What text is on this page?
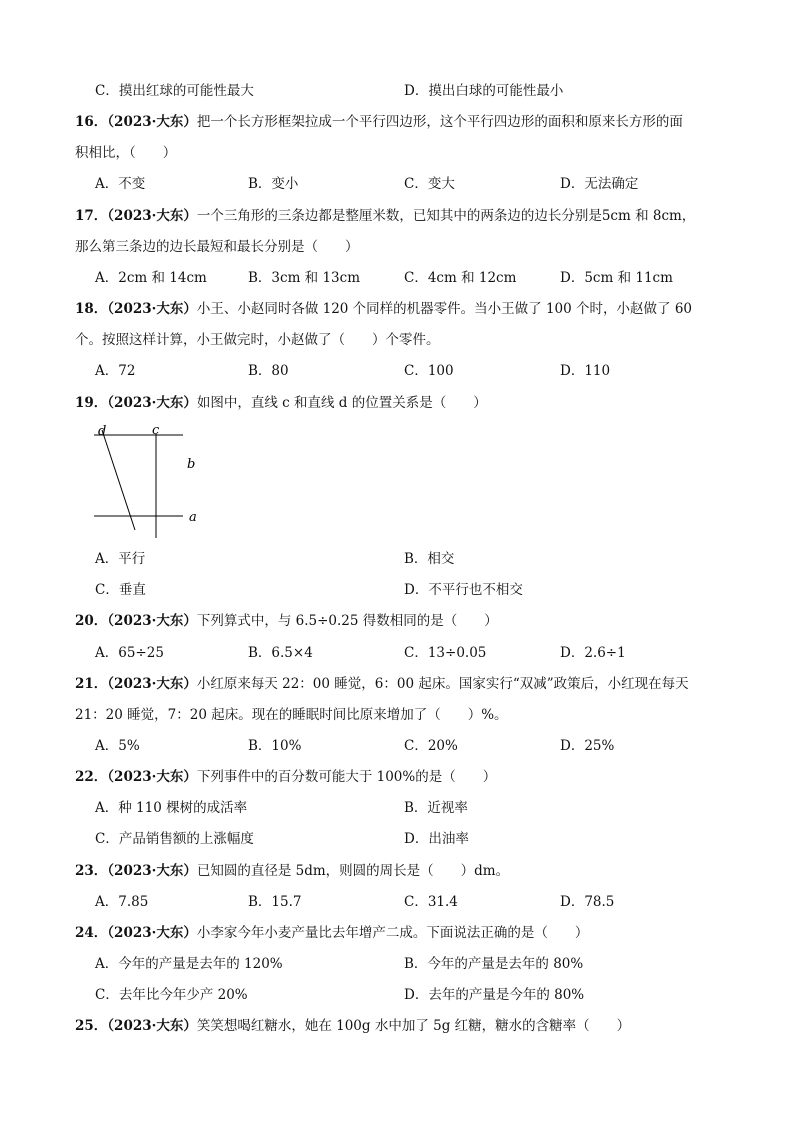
C．摸出红球的可能性最大	D．摸出白球的可能性最小
16．（2023·大东）把一个长方形框架拉成一个平行四边形，这个平行四边形的面积和原来长方形的面
积相比，（　　）
A．不变	B．变小	C．变大	D．无法确定
17．（2023·大东）一个三角形的三条边都是整厘米数，已知其中的两条边的边长分别是5cm 和 8cm，
那么第三条边的边长最短和最长分别是（　　）
A．2cm 和 14cm	B．3cm 和 13cm	C．4cm 和 12cm	D．5cm 和 11cm
18．（2023·大东）小王、小赵同时各做 120 个同样的机器零件。当小王做了 100 个时，小赵做了 60
个。按照这样计算，小王做完时，小赵做了（　　）个零件。
A．72	B．80	C．100	D．110
19．（2023·大东）如图中，直线 c 和直线 d 的位置关系是（　　）
d	c
b
a
A．平行	B．相交
C．垂直	D．不平行也不相交
20．（2023·大东）下列算式中，与 6.5÷0.25 得数相同的是（　　）
A．65÷25	B．6.5×4	C．13÷0.05	D．2.6÷1
21．（2023·大东）小红原来每天 22：00 睡觉，6：00 起床。国家实行“双减”政策后，小红现在每天
21：20 睡觉，7：20 起床。现在的睡眠时间比原来增加了（　　）%。
A．5%	B．10%	C．20%	D．25%
22．（2023·大东）下列事件中的百分数可能大于 100%的是（　　）
A．种 110 棵树的成活率	B．近视率
C．产品销售额的上涨幅度	D．出油率
23．（2023·大东）已知圆的直径是 5dm，则圆的周长是（　　）dm。
A．7.85	B．15.7	C．31.4	D．78.5
24．（2023·大东）小李家今年小麦产量比去年增产二成。下面说法正确的是（　　）
A．今年的产量是去年的 120%	B．今年的产量是去年的 80%
C．去年比今年少产 20%	D．去年的产量是今年的 80%
25．（2023·大东）笑笑想喝红糖水，她在 100g 水中加了 5g 红糖，糖水的含糖率（　　）
